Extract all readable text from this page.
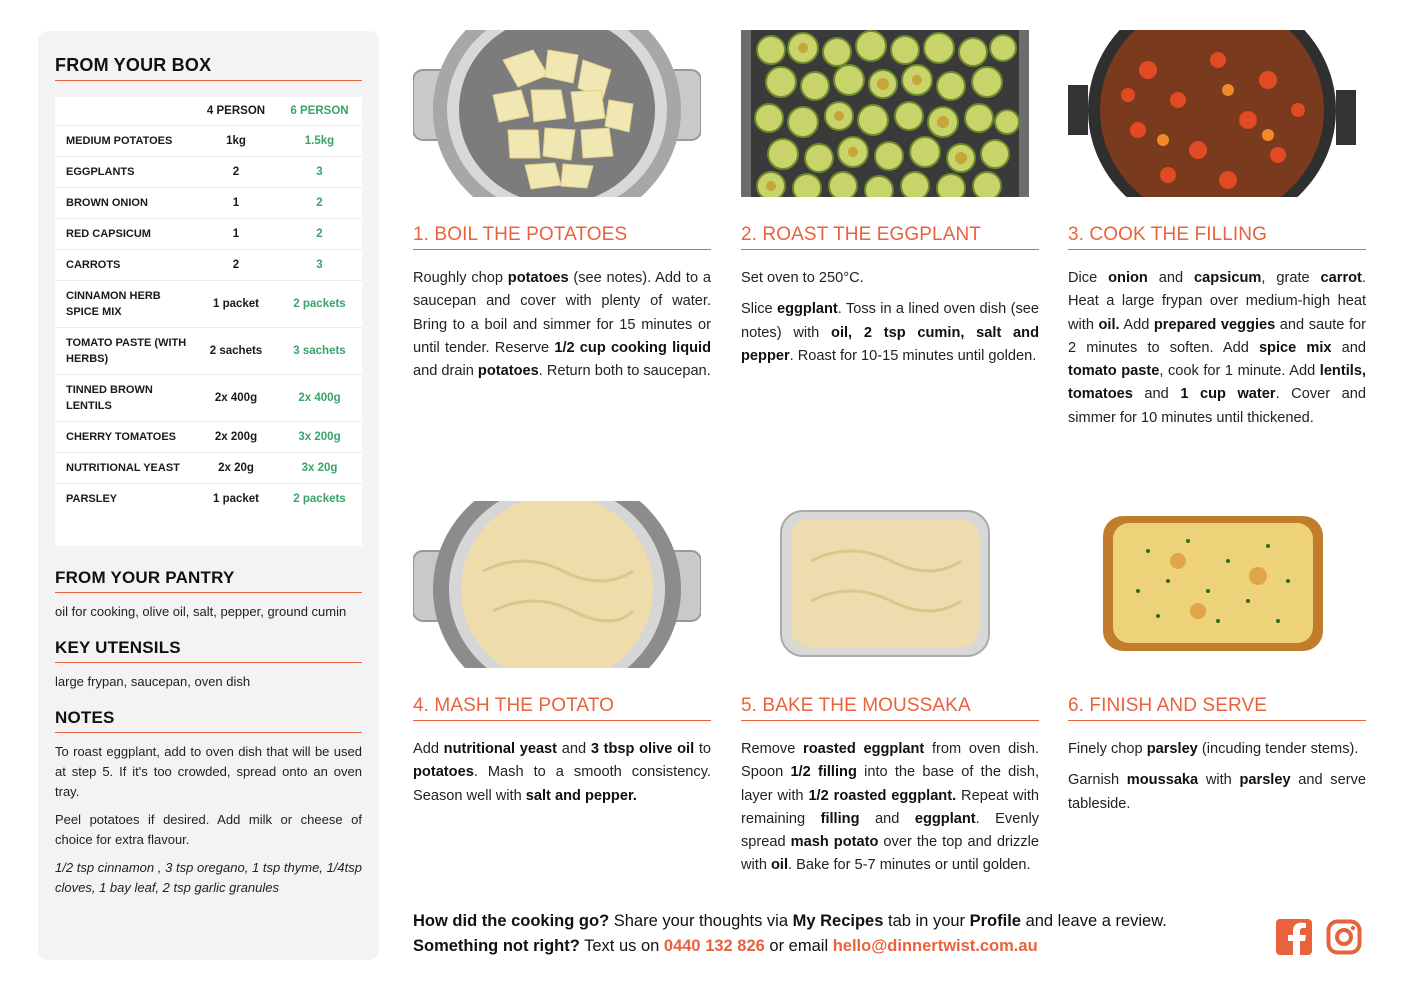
FROM YOUR BOX
	4 PERSON	6 PERSON
MEDIUM POTATOES	1kg	1.5kg
EGGPLANTS	2	3
BROWN ONION	1	2
RED CAPSICUM	1	2
CARROTS	2	3
CINNAMON HERB SPICE MIX	1 packet	2 packets
TOMATO PASTE (WITH HERBS)	2 sachets	3 sachets
TINNED BROWN LENTILS	2x 400g	2x 400g
CHERRY TOMATOES	2x 200g	3x 200g
NUTRITIONAL YEAST	2x 20g	3x 20g
PARSLEY	1 packet	2 packets
FROM YOUR PANTRY
oil for cooking, olive oil, salt, pepper, ground cumin
KEY UTENSILS
large frypan, saucepan, oven dish
NOTES

To roast eggplant, add to oven dish that will be used at step 5. If it's too crowded, spread onto an oven tray.

Peel potatoes if desired. Add milk or cheese of choice for extra flavour.

1/2 tsp cinnamon , 3 tsp oregano, 1 tsp thyme, 1/4tsp cloves, 1 bay leaf, 2 tsp garlic granules

1. BOIL THE POTATOES	2. ROAST THE EGGPLANT	3. COOK THE FILLING
4. MASH THE POTATO	5. BAKE THE MOUSSAKA	6. FINISH AND SERVE

Roughly chop potatoes (see notes). Add to a saucepan and cover with plenty of water. Bring to a boil and simmer for 15 minutes or until tender. Reserve 1/2 cup cooking liquid and drain potatoes. Return both to saucepan.

Set oven to 250°C.

Slice eggplant. Toss in a lined oven dish (see notes) with oil, 2 tsp cumin, salt and pepper. Roast for 10-15 minutes until golden.

Dice onion and capsicum, grate carrot. Heat a large frypan over medium-high heat with oil. Add prepared veggies and saute for 2 minutes to soften. Add spice mix and tomato paste, cook for 1 minute. Add lentils, tomatoes and 1 cup water. Cover and simmer for 10 minutes until thickened.

Add nutritional yeast and 3 tbsp olive oil to potatoes. Mash to a smooth consistency. Season well with salt and pepper.

Remove roasted eggplant from oven dish. Spoon 1/2 filling into the base of the dish, layer with 1/2 roasted eggplant. Repeat with remaining filling and eggplant. Evenly spread mash potato over the top and drizzle with oil. Bake for 5-7 minutes or until golden.

Finely chop parsley (incuding tender stems).

Garnish moussaka with parsley and serve tableside.

How did the cooking go? Share your thoughts via My Recipes tab in your Profile and leave a review.
Something not right? Text us on 0440 132 826 or email hello@dinnertwist.com.au
